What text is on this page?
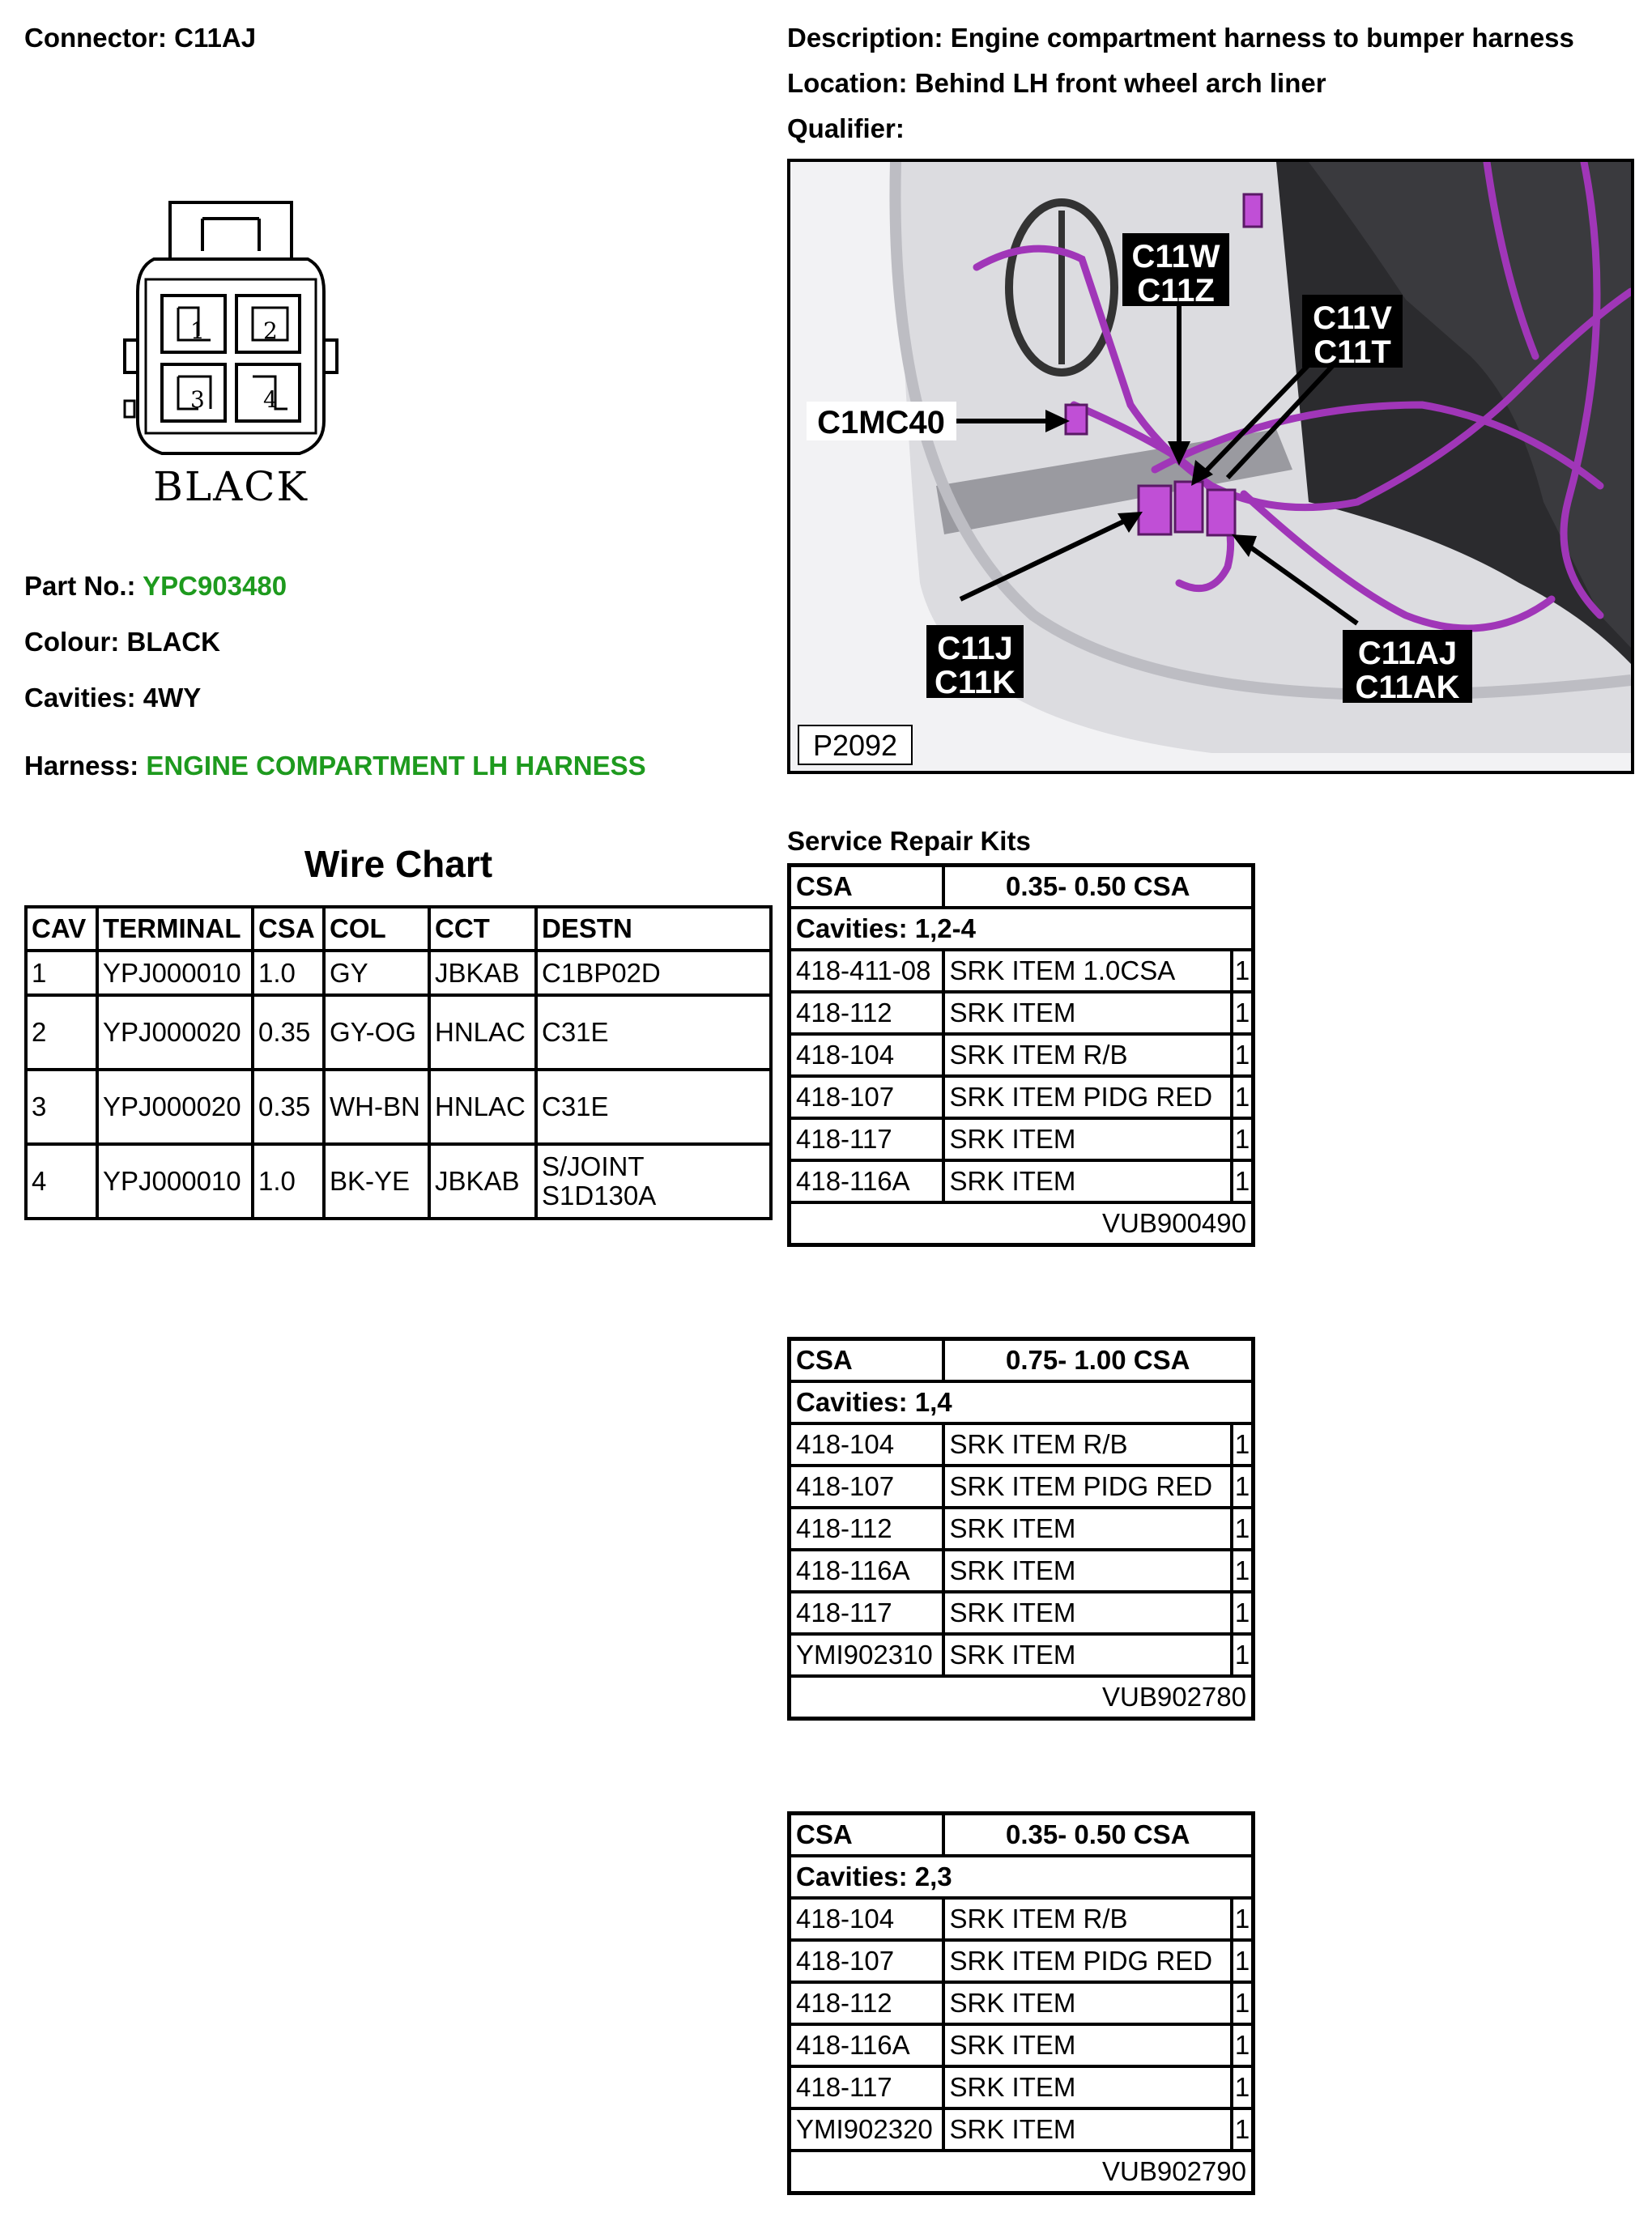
Connector: C11AJ	Description: Engine compartment harness to bumper harness
Location: Behind LH front wheel arch liner
Qualifier:
1	2
3	4
BLACK
Part No.: YPC903480
Colour: BLACK
Cavities: 4WY
Harness: ENGINE COMPARTMENT LH HARNESS
C11W
C11Z
C11V
C11T
C1MC40
C11J
C11K
C11AJ
C11AK
P2092
Wire Chart
CAV	TERMINAL	CSA	COL	CCT	DESTN
1	YPJ000010	1.0	GY	JBKAB	C1BP02D
2	YPJ000020	0.35	GY-OG	HNLAC	C31E
3	YPJ000020	0.35	WH-BN	HNLAC	C31E
4	YPJ000010	1.0	BK-YE	JBKAB	S/JOINT S1D130A
Service Repair Kits
CSA	0.35- 0.50 CSA	
Cavities: 1,2-4		
418-411-08	SRK ITEM 1.0CSA	1
418-112	SRK ITEM	1
418-104	SRK ITEM R/B	1
418-107	SRK ITEM PIDG RED	1
418-117	SRK ITEM	1
418-116A	SRK ITEM	1
VUB900490		
CSA	0.75- 1.00 CSA	
Cavities: 1,4		
418-104	SRK ITEM R/B	1
418-107	SRK ITEM PIDG RED	1
418-112	SRK ITEM	1
418-116A	SRK ITEM	1
418-117	SRK ITEM	1
YMI902310	SRK ITEM	1
VUB902780		
CSA	0.35- 0.50 CSA	
Cavities: 2,3		
418-104	SRK ITEM R/B	1
418-107	SRK ITEM PIDG RED	1
418-112	SRK ITEM	1
418-116A	SRK ITEM	1
418-117	SRK ITEM	1
YMI902320	SRK ITEM	1
VUB902790		
